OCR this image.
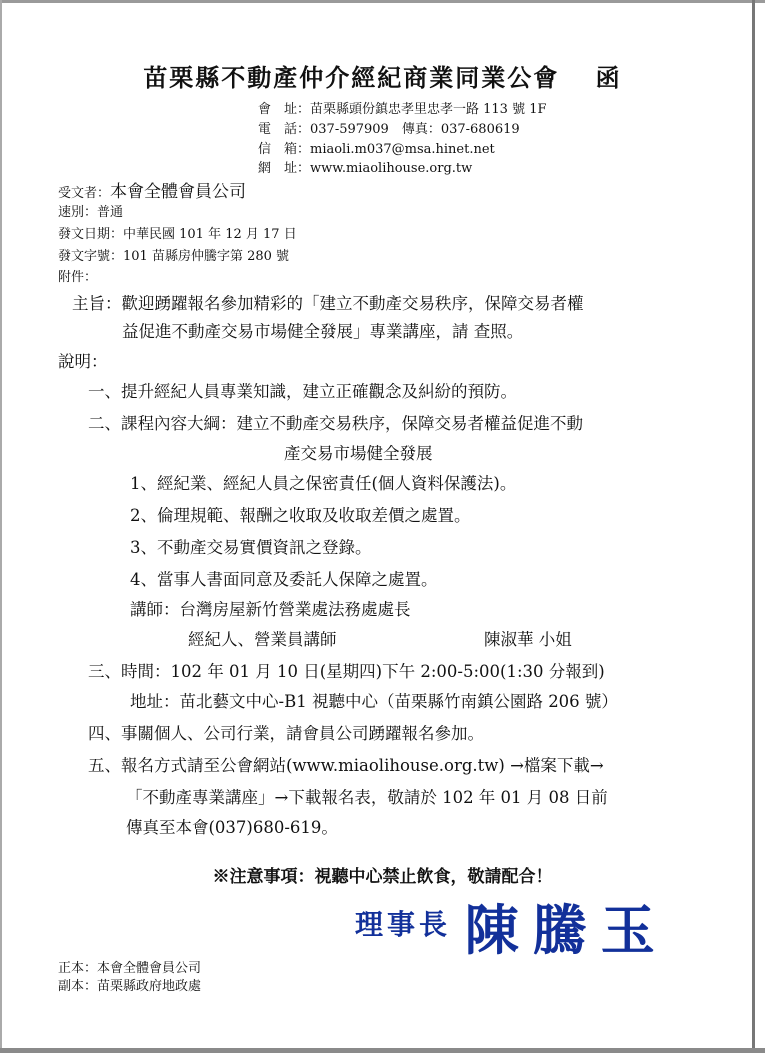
苗栗縣不動產仲介經紀商業同業公會　 函
會　址：苗栗縣頭份鎮忠孝里忠孝一路 113 號 1F
電　話：037-597909　傳真：037-680619
信　箱：miaoli.m037@msa.hinet.net
網　址：www.miaolihouse.org.tw
受文者：本會全體會員公司
速別：普通
發文日期：中華民國 101 年 12 月 17 日
發文字號：101 苗縣房仲騰字第 280 號
附件：
主旨：歡迎踴躍報名參加精彩的「建立不動產交易秩序，保障交易者權
益促進不動產交易市場健全發展」專業講座，請 查照。
說明：
一、提升經紀人員專業知識，建立正確觀念及糾紛的預防。
二、課程內容大綱：建立不動產交易秩序，保障交易者權益促進不動
產交易市場健全發展
1、經紀業、經紀人員之保密責任(個人資料保護法)。
2、倫理規範、報酬之收取及收取差價之處置。
3、不動產交易實價資訊之登錄。
4、當事人書面同意及委託人保障之處置。
講師：台灣房屋新竹營業處法務處處長
經紀人、營業員講師	陳淑華 小姐
三、時間：102 年 01 月 10 日(星期四)下午 2:00-5:00(1:30 分報到)
地址：苗北藝文中心-B1 視聽中心（苗栗縣竹南鎮公園路 206 號）
四、事關個人、公司行業，請會員公司踴躍報名參加。
五、報名方式請至公會網站(www.miaolihouse.org.tw) →檔案下載→
「不動產專業講座」→下載報名表，敬請於 102 年 01 月 08 日前
傳真至本會(037)680-619。
※注意事項：視聽中心禁止飲食，敬請配合！
理事長 陳騰玉
正本：本會全體會員公司
副本：苗栗縣政府地政處
